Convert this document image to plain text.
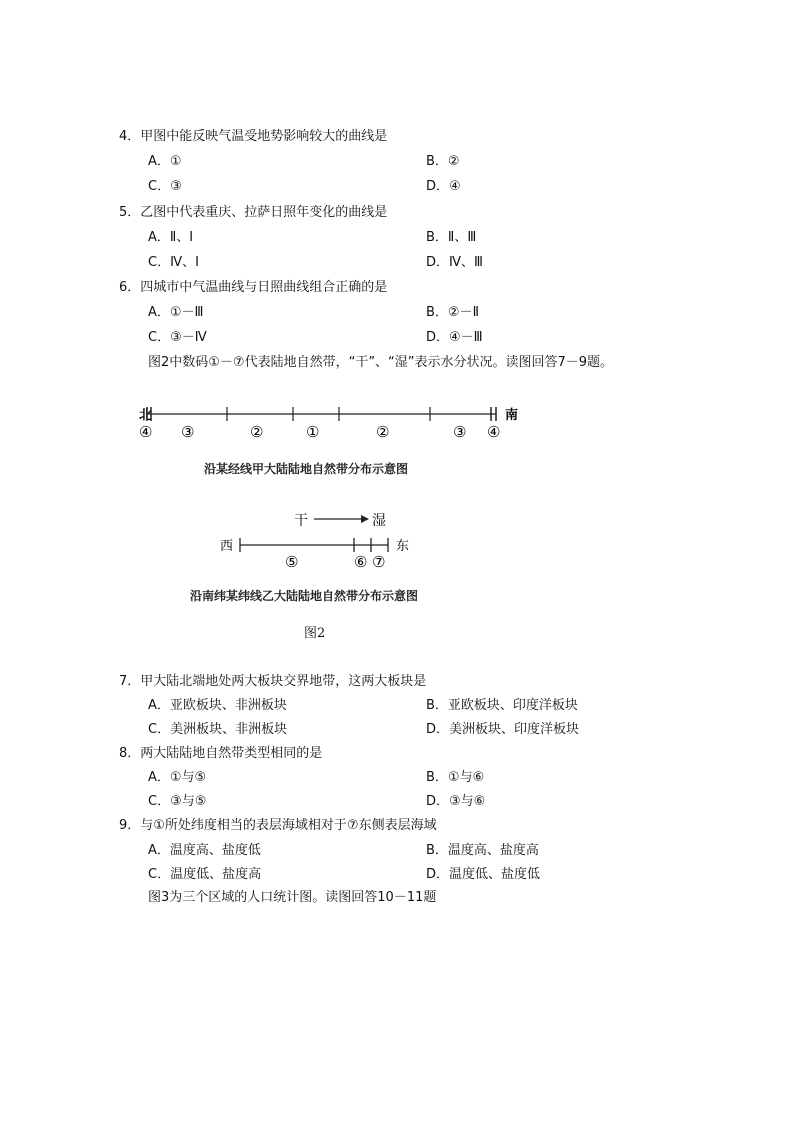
4．甲图中能反映气温受地势影响较大的曲线是
A．①	B．②
C．③	D．④
5．乙图中代表重庆、拉萨日照年变化的曲线是
A．Ⅱ、Ⅰ	B．Ⅱ、Ⅲ
C．Ⅳ、Ⅰ	D．Ⅳ、Ⅲ
6．四城市中气温曲线与日照曲线组合正确的是
A．①－Ⅲ	B．②－Ⅱ
C．③－Ⅳ	D．④－Ⅲ
图2中数码①－⑦代表陆地自然带，“干”、“湿”表示水分状况。读图回答7－9题。
北	南
④ ③	②	①	②	③ ④
沿某经线甲大陆陆地自然带分布示意图
干	湿
西	东
⑤	⑥ ⑦
沿南纬某纬线乙大陆陆地自然带分布示意图
图2
7．甲大陆北端地处两大板块交界地带，这两大板块是
A．亚欧板块、非洲板块	B．亚欧板块、印度洋板块
C．美洲板块、非洲板块	D．美洲板块、印度洋板块
8．两大陆陆地自然带类型相同的是
A．①与⑤	B．①与⑥
C．③与⑤	D．③与⑥
9．与①所处纬度相当的表层海域相对于⑦东侧表层海域
A．温度高、盐度低	B．温度高、盐度高
C．温度低、盐度高	D．温度低、盐度低
图3为三个区域的人口统计图。读图回答10－11题
